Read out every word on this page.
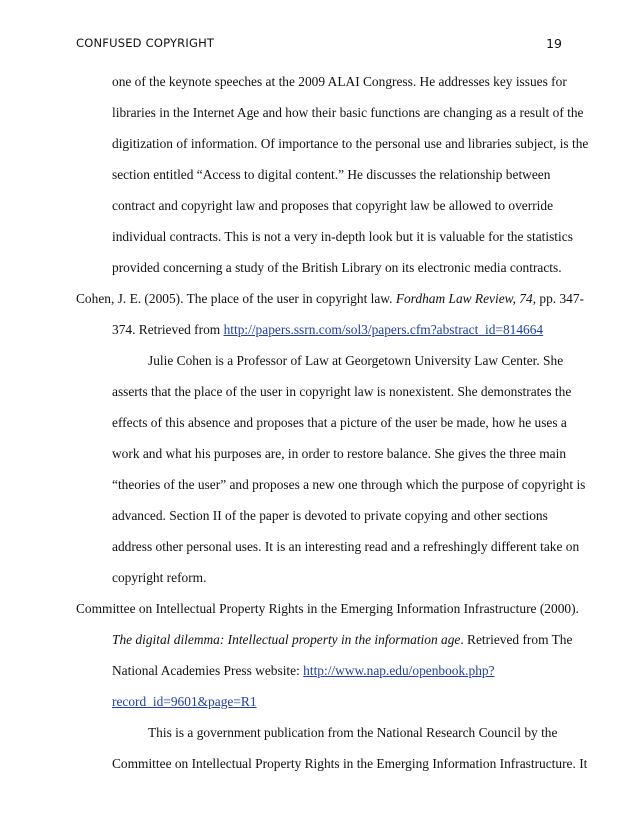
CONFUSED COPYRIGHT	19
one of the keynote speeches at the 2009 ALAI Congress. He addresses key issues for
libraries in the Internet Age and how their basic functions are changing as a result of the
digitization of information. Of importance to the personal use and libraries subject, is the
section entitled “Access to digital content.” He discusses the relationship between
contract and copyright law and proposes that copyright law be allowed to override
individual contracts. This is not a very in-depth look but it is valuable for the statistics
provided concerning a study of the British Library on its electronic media contracts.
Cohen, J. E. (2005). The place of the user in copyright law. Fordham Law Review, 74, pp. 347-
374. Retrieved from http://papers.ssrn.com/sol3/papers.cfm?abstract_id=814664
Julie Cohen is a Professor of Law at Georgetown University Law Center. She
asserts that the place of the user in copyright law is nonexistent. She demonstrates the
effects of this absence and proposes that a picture of the user be made, how he uses a
work and what his purposes are, in order to restore balance. She gives the three main
“theories of the user” and proposes a new one through which the purpose of copyright is
advanced. Section II of the paper is devoted to private copying and other sections
address other personal uses. It is an interesting read and a refreshingly different take on
copyright reform.
Committee on Intellectual Property Rights in the Emerging Information Infrastructure (2000).
The digital dilemma: Intellectual property in the information age. Retrieved from The
National Academies Press website: http://www.nap.edu/openbook.php?
record_id=9601&page=R1
This is a government publication from the National Research Council by the
Committee on Intellectual Property Rights in the Emerging Information Infrastructure. It
